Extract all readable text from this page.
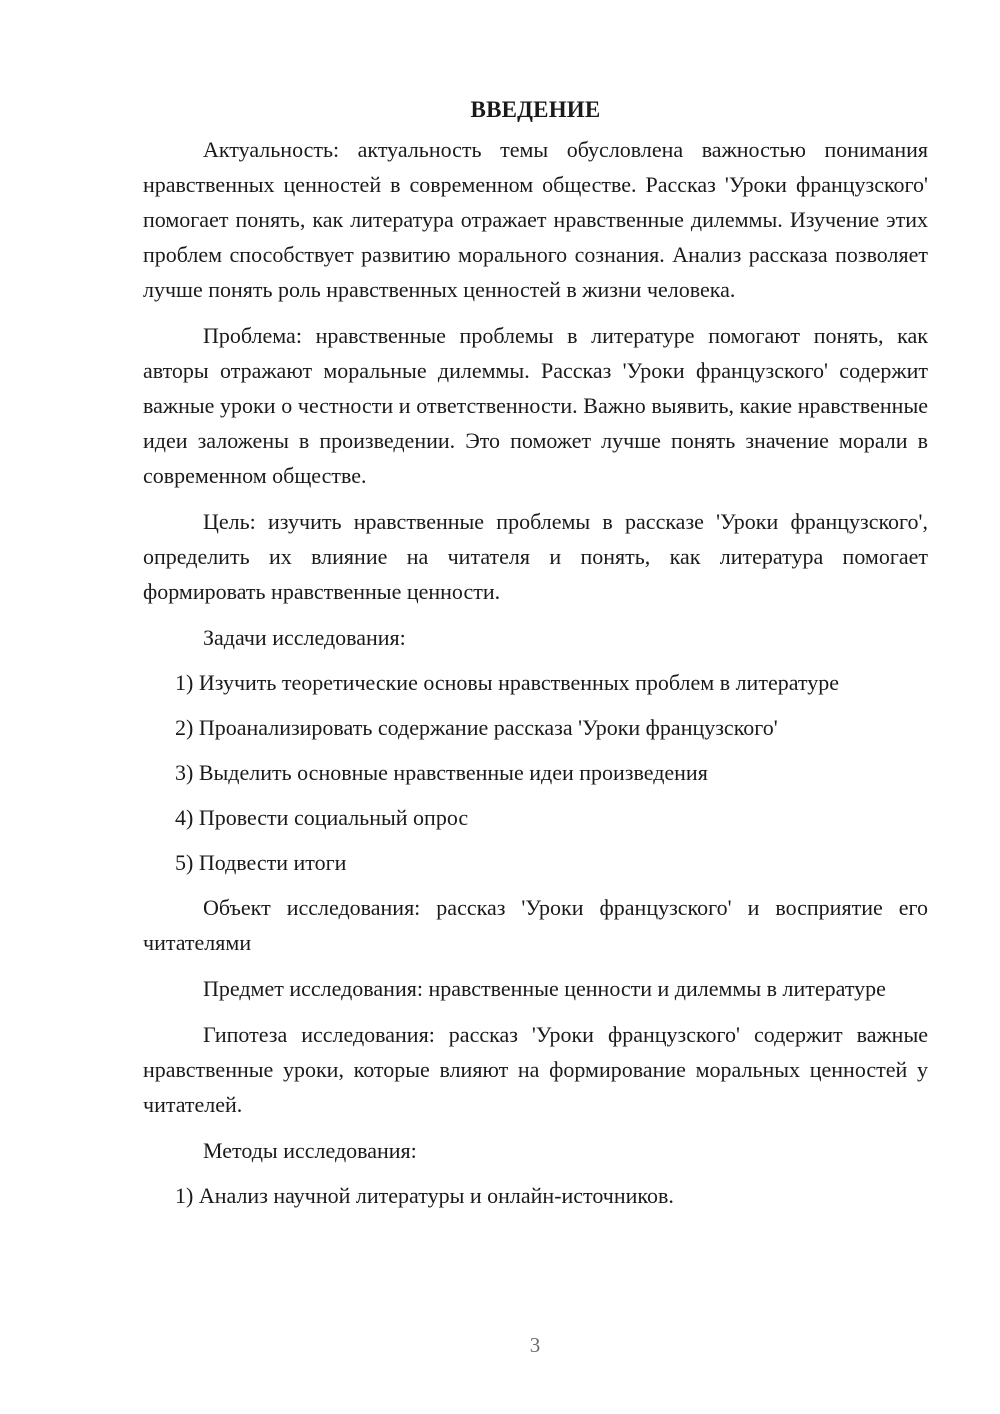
ВВЕДЕНИЕ

Актуальность: актуальность темы обусловлена важностью понимания нравственных ценностей в современном обществе. Рассказ 'Уроки французского' помогает понять, как литература отражает нравственные дилеммы. Изучение этих проблем способствует развитию морального сознания. Анализ рассказа позволяет лучше понять роль нравственных ценностей в жизни человека.

Проблема: нравственные проблемы в литературе помогают понять, как авторы отражают моральные дилеммы. Рассказ 'Уроки французского' содержит важные уроки о честности и ответственности. Важно выявить, какие нравственные идеи заложены в произведении. Это поможет лучше понять значение морали в современном обществе.

Цель: изучить нравственные проблемы в рассказе 'Уроки французского', определить их влияние на читателя и понять, как литература помогает формировать нравственные ценности.

Задачи исследования:

1) Изучить теоретические основы нравственных проблем в литературе
2) Проанализировать содержание рассказа 'Уроки французского'
3) Выделить основные нравственные идеи произведения
4) Провести социальный опрос
5) Подвести итоги

Объект исследования: рассказ 'Уроки французского' и восприятие его читателями

Предмет исследования: нравственные ценности и дилеммы в литературе

Гипотеза исследования: рассказ 'Уроки французского' содержит важные нравственные уроки, которые влияют на формирование моральных ценностей у читателей.

Методы исследования:

1) Анализ научной литературы и онлайн-источников.
3
